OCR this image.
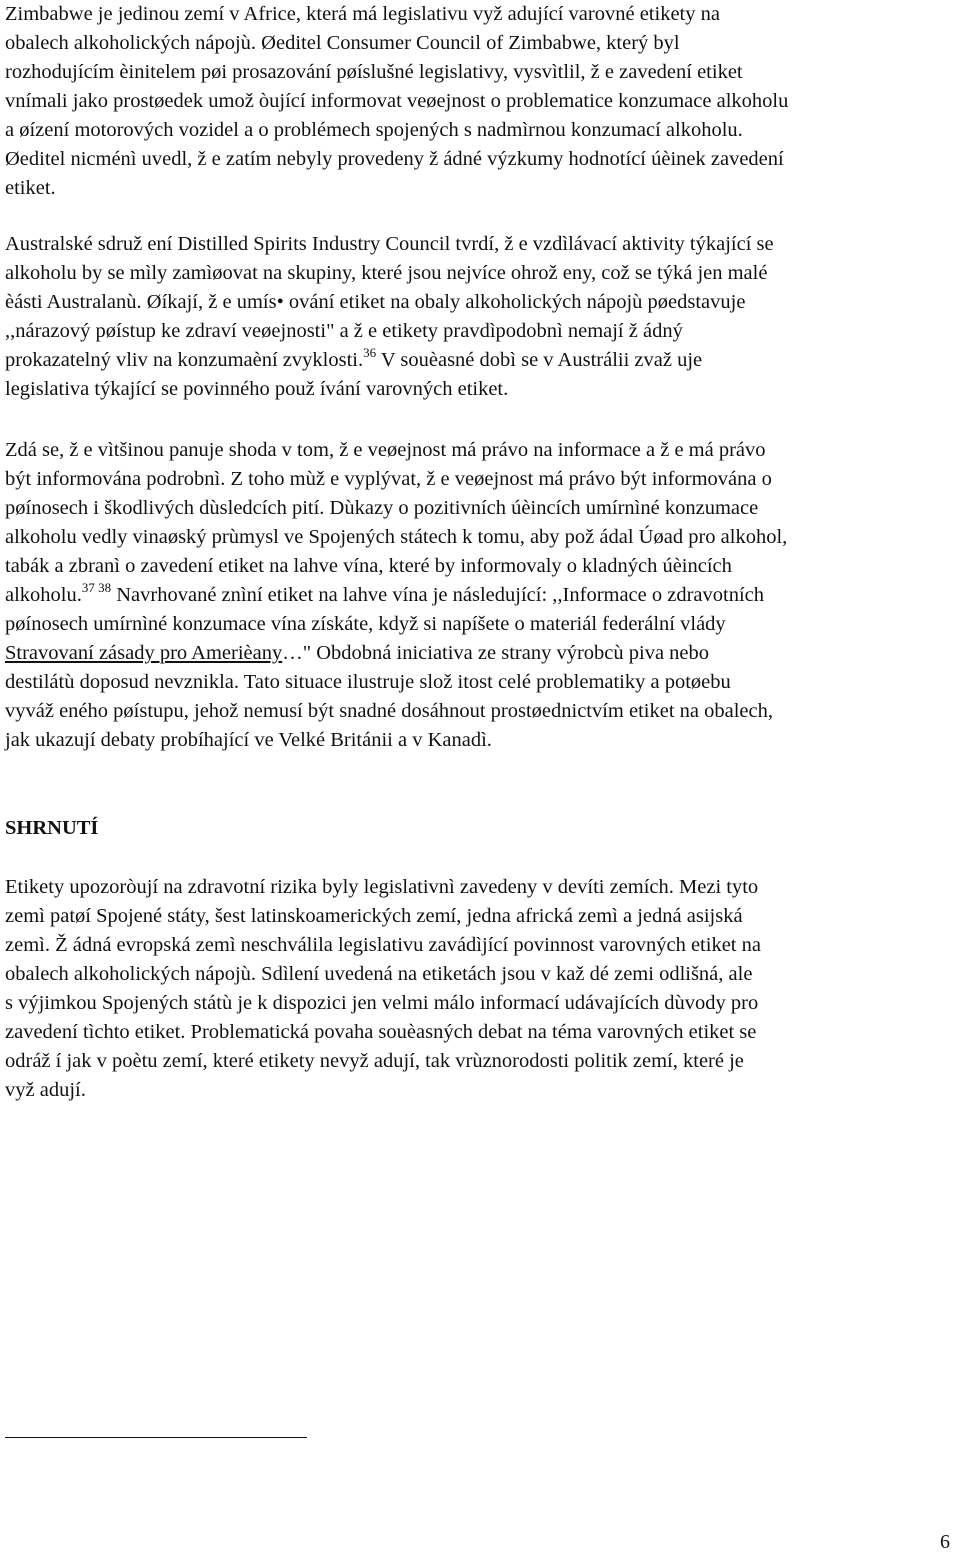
Zimbabwe je jedinou zemí v Africe, která má legislativu vyž adující varovné etikety na
obalech alkoholických nápojù. Øeditel Consumer Council of Zimbabwe, který byl
rozhodujícím èinitelem pøi prosazování pøíslušné legislativy, vysvìtlil, ž e zavedení etiket
vnímali jako prostøedek umož òující informovat veøejnost o problematice konzumace alkoholu
a øízení motorových vozidel a o problémech spojených s nadmìrnou konzumací alkoholu.
Øeditel nicménì uvedl, ž e zatím nebyly provedeny ž ádné výzkumy hodnotící úèinek zavedení
etiket.

Australské sdruž ení Distilled Spirits Industry Council tvrdí, ž e vzdìlávací aktivity týkající se
alkoholu by se mìly zamìøovat na skupiny, které jsou nejvíce ohrož eny, což se týká jen malé
èásti Australanù. Øíkají, ž e umís• ování etiket na obaly alkoholických nápojù pøedstavuje
,,nárazový pøístup ke zdraví veøejnosti" a ž e etikety pravdìpodobnì nemají ž ádný
prokazatelný vliv na konzumaèní zvyklosti.$^{36}$ V souèasné dobì se v Austrálii zvaž uje
legislativa týkající se povinného použ ívání varovných etiket.

Zdá se, ž e vìtšinou panuje shoda v tom, ž e veøejnost má právo na informace a ž e má právo
být informována podrobnì. Z toho mùž e vyplývat, ž e veøejnost má právo být informována o
pøínosech i škodlivých dùsledcích pití. Dùkazy o pozitivních úèincích umírnìné konzumace
alkoholu vedly vinaøský prùmysl ve Spojených státech k tomu, aby pož ádal Úøad pro alkohol,
tabák a zbranì o zavedení etiket na lahve vína, které by informovaly o kladných úèincích
alkoholu.$^{37 38}$ Navrhované znìní etiket na lahve vína je následující: ,,Informace o zdravotních
pøínosech umírnìné konzumace vína získáte, když si napíšete o materiál federální vlády
Stravovaní zásady pro Amerièany…" Obdobná iniciativa ze strany výrobcù piva nebo
destilátù doposud nevznikla. Tato situace ilustruje slož itost celé problematiky a potøebu
vyváž eného pøístupu, jehož nemusí být snadné dosáhnout prostøednictvím etiket na obalech,
jak ukazují debaty probíhající ve Velké Británii a v Kanadì.

SHRNUTÍ

Etikety upozoròují na zdravotní rizika byly legislativnì zavedeny v devíti zemích. Mezi tyto
zemì patøí Spojené státy, šest latinskoamerických zemí, jedna africká zemì a jedná asijská
zemì. Ž ádná evropská zemì neschválila legislativu zavádìjící povinnost varovných etiket na
obalech alkoholických nápojù. Sdìlení uvedená na etiketách jsou v kaž dé zemi odlišná, ale
s výjimkou Spojených státù je k dispozici jen velmi málo informací udávajících dùvody pro
zavedení tìchto etiket. Problematická povaha souèasných debat na téma varovných etiket se
odráž í jak v poètu zemí, které etikety nevyž adují, tak vrùznorodosti politik zemí, které je
vyž adují.

6
